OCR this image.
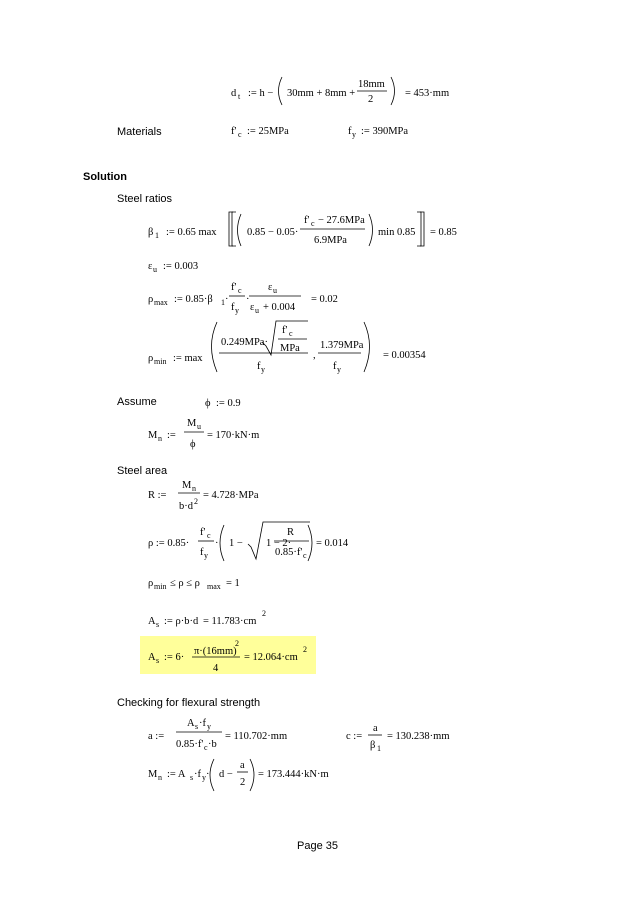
Materials
Solution
Steel ratios
Assume
Steel area
Checking for flexural strength
Page 35
d t := h − 30mm + 8mm +
18mm
2
= 453·mm
f' c := 25MPa	f y := 390MPa
β 1 := 0.65 max	0.85 − 0.05·
f' c − 27.6MPa
6.9MPa
min 0.85 = 0.85
ε u := 0.003
ρ max := 0.85·β 1 ·
f' c
f y
·
ε u
ε u + 0.004
= 0.02
ρ min := max
0.249MPa·
f' c
MPa
f y
,
1.379MPa
f y
= 0.00354
ϕ := 0.9
M n :=
M u
ϕ
= 170·kN·m
R :=
M n
b·d 2
= 4.728·MPa
ρ := 0.85·
f' c
f y
· 1 − 1 − 2·
R
0.85·f' c
= 0.014
ρ min ≤ ρ ≤ ρ max = 1
A s := ρ·b·d = 11.783·cm
2
A s := 6·
π·(16mm)
2
4
= 12.064·cm
2
a :=
A s ·f y
0.85·f' c ·b
= 110.702·mm	c :=
a
β 1
= 130.238·mm
M n := A s ·f y · d −
a
2
= 173.444·kN·m
